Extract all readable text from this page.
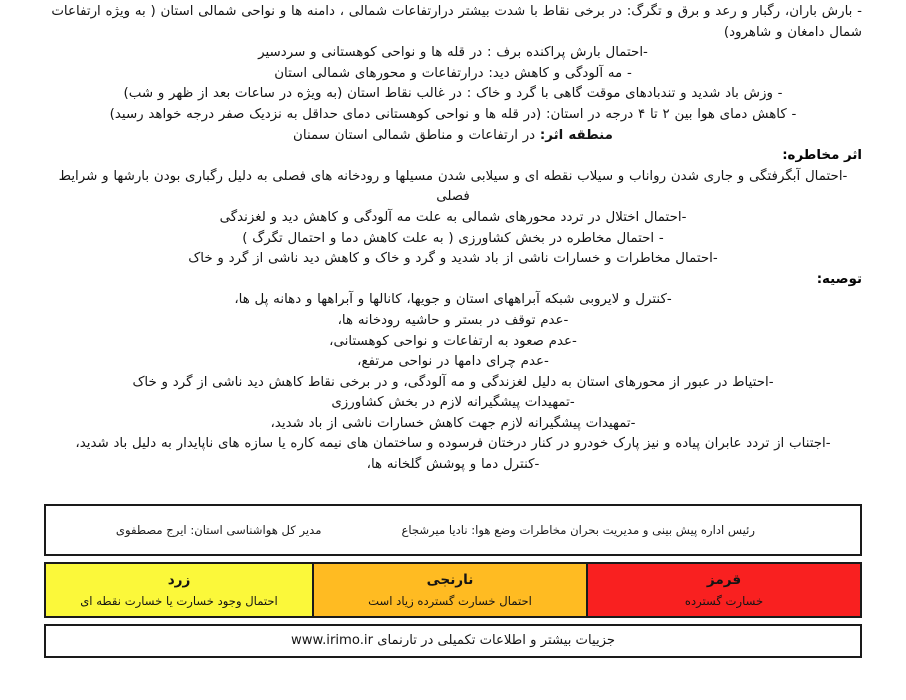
- بارش باران، رگبار و رعد و برق و تگرگ: در برخی نقاط با شدت بیشتر درارتفاعات شمالی ، دامنه ها و نواحی شمالی استان ( به ویژه ارتفاعات شمال دامغان و شاهرود)
-احتمال بارش پراکنده برف : در قله ها و نواحی کوهستانی و سردسیر
- مه آلودگی و کاهش دید: درارتفاعات و محورهای شمالی استان
- وزش باد شدید و تندبادهای موقت گاهی با گرد و خاک : در غالب نقاط استان (به ویژه در ساعات بعد از ظهر و شب)
- کاهش دمای هوا بین ۲ تا ۴ درجه در استان: (در قله ها و نواحی کوهستانی دمای حداقل به نزدیک صفر درجه خواهد رسید)
منطقه اثر: در ارتفاعات و مناطق شمالی استان سمنان
اثر مخاطره:
-احتمال آبگرفتگی و جاری شدن رواناب و سیلاب نقطه ای و سیلابی شدن مسیلها و رودخانه های فصلی به دلیل رگباری بودن بارشها و شرایط فصلی
-احتمال اختلال در تردد محورهای شمالی به علت مه آلودگی و کاهش دید و لغزندگی
- احتمال مخاطره در بخش کشاورزی ( به علت کاهش دما و احتمال تگرگ )
-احتمال مخاطرات و خسارات ناشی از باد شدید و گرد و خاک و کاهش دید ناشی از گرد و خاک
توصیه:
-کنترل و لایروبی شبکه آبراههای استان و جویها، کانالها و آبراهها و دهانه پل ها،
-عدم توقف در بستر و حاشیه رودخانه ها،
-عدم صعود به ارتفاعات و نواحی کوهستانی،
-عدم چرای دامها در نواحی مرتفع،
-احتیاط در عبور از محورهای استان به دلیل لغزندگی و مه آلودگی، و در برخی نقاط کاهش دید ناشی از گرد و خاک
-تمهیدات پیشگیرانه لازم در بخش کشاورزی
-تمهیدات پیشگیرانه لازم جهت کاهش خسارات ناشی از باد شدید،
-اجتناب از تردد عابران پیاده و نیز پارک خودرو در کنار درختان فرسوده و ساختمان های نیمه کاره یا سازه های ناپایدار به دلیل باد شدید،
-کنترل دما و پوشش گلخانه ها،
رئیس اداره پیش بینی و مدیریت بحران مخاطرات وضع هوا: نادیا میرشجاع
مدیر کل هواشناسی استان: ایرج مصطفوی
قرمز
خسارت گسترده
نارنجی
احتمال خسارت گسترده زیاد است
زرد
احتمال وجود خسارت یا خسارت نقطه ای
جزییات بیشتر و اطلاعات تکمیلی در تارنمای www.irimo.ir
